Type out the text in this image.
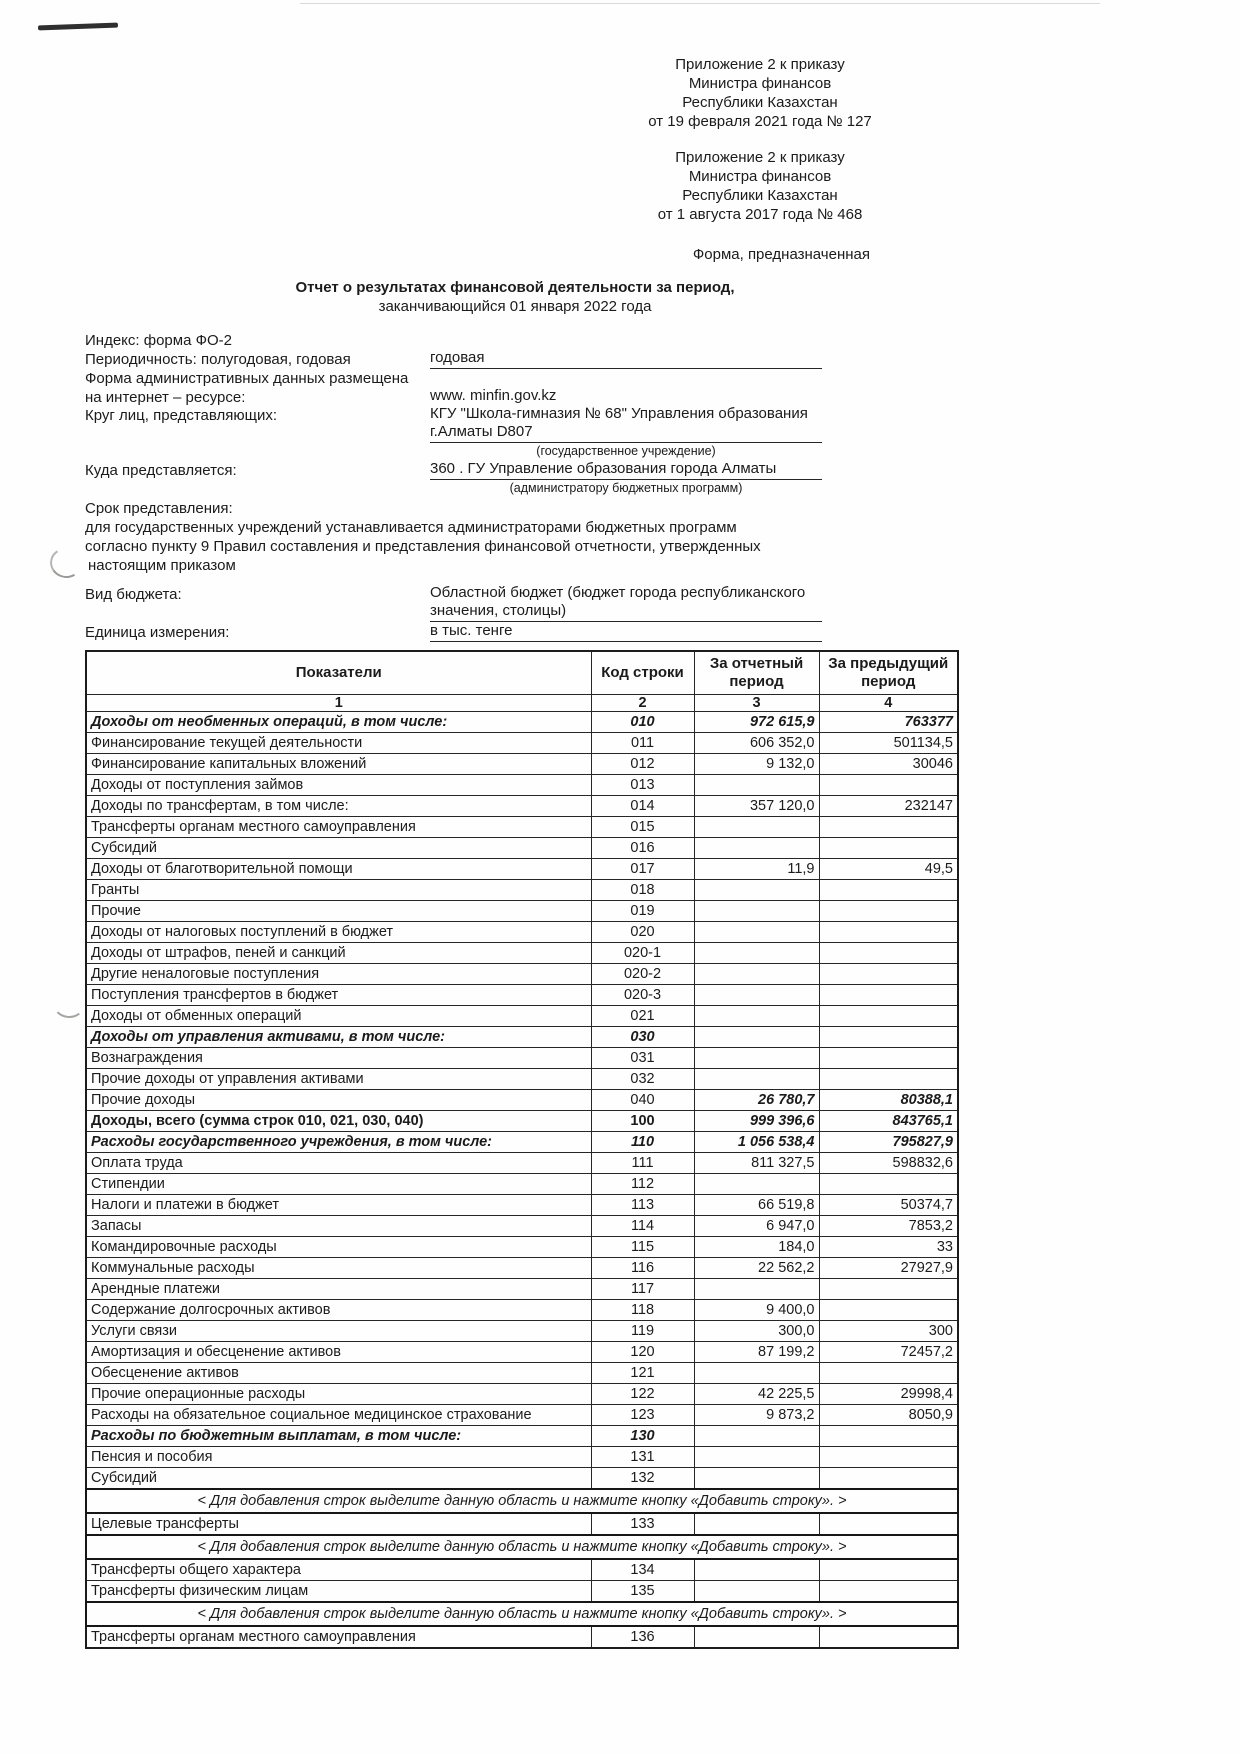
Приложение 2 к приказу
Министра финансов
Республики Казахстан
от 19 февраля 2021 года № 127
Приложение 2 к приказу
Министра финансов
Республики Казахстан
от 1 августа 2017 года № 468
Форма, предназначенная
Отчет о результатах финансовой деятельности за период,
заканчивающийся 01 января 2022 года
Индекс: форма ФО-2
Периодичность: полугодовая, годовая	годовая
Форма административных данных размещена
на интернет – ресурсе:	www. minfin.gov.kz
Круг лиц, представляющих:	КГУ "Школа-гимназия № 68" Управления образования
г.Алматы D807
(государственное учреждение)
Куда представляется:	360 . ГУ Управление образования города Алматы
(администратору бюджетных программ)
Срок представления:
для государственных учреждений устанавливается администраторами бюджетных программ
согласно пункту 9 Правил составления и представления финансовой отчетности, утвержденных
настоящим приказом
Вид бюджета:	Областной бюджет (бюджет города республиканского
значения, столицы)
Единица измерения:	в тыс. тенге
Показатели	Код строки	За отчетный период	За предыдущий период
1	2	3	4
Доходы от необменных операций, в том числе:	010	972 615,9	763377
Финансирование текущей деятельности	011	606 352,0	501134,5
Финансирование капитальных вложений	012	9 132,0	30046
Доходы от поступления займов	013		
Доходы по трансфертам, в том числе:	014	357 120,0	232147
Трансферты органам местного самоуправления	015		
Субсидий	016		
Доходы от благотворительной помощи	017	11,9	49,5
Гранты	018		
Прочие	019		
Доходы от налоговых поступлений в бюджет	020		
Доходы от штрафов, пеней и санкций	020-1		
Другие неналоговые поступления	020-2		
Поступления трансфертов в бюджет	020-3		
Доходы от обменных операций	021		
Доходы от управления активами, в том числе:	030		
Вознаграждения	031		
Прочие доходы от управления активами	032		
Прочие доходы	040	26 780,7	80388,1
Доходы, всего (сумма строк 010, 021, 030, 040)	100	999 396,6	843765,1
Расходы государственного учреждения, в том числе:	110	1 056 538,4	795827,9
Оплата труда	111	811 327,5	598832,6
Стипендии	112		
Налоги и платежи в бюджет	113	66 519,8	50374,7
Запасы	114	6 947,0	7853,2
Командировочные расходы	115	184,0	33
Коммунальные расходы	116	22 562,2	27927,9
Арендные платежи	117		
Содержание долгосрочных активов	118	9 400,0	
Услуги связи	119	300,0	300
Амортизация и обесценение активов	120	87 199,2	72457,2
Обесценение активов	121		
Прочие операционные расходы	122	42 225,5	29998,4
Расходы на обязательное социальное медицинское страхование	123	9 873,2	8050,9
Расходы по бюджетным выплатам, в том числе:	130		
Пенсия и пособия	131		
Субсидий	132		
< Для добавления строк выделите данную область и нажмите кнопку «Добавить строку». >			
Целевые трансферты	133		
< Для добавления строк выделите данную область и нажмите кнопку «Добавить строку». >			
Трансферты общего характера	134		
Трансферты физическим лицам	135		
< Для добавления строк выделите данную область и нажмите кнопку «Добавить строку». >			
Трансферты органам местного самоуправления	136		
